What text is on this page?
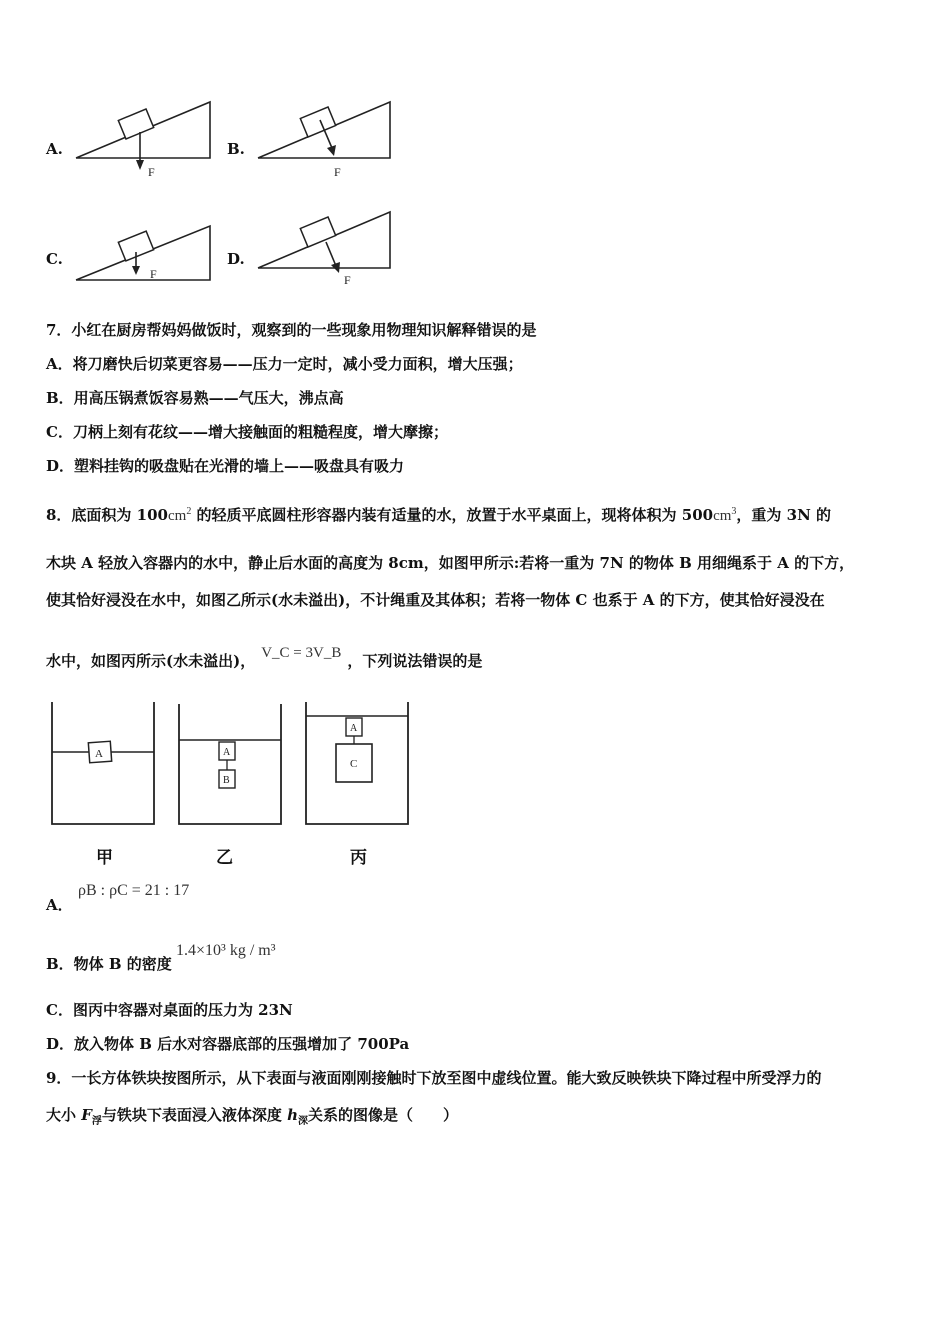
A.
F
B.
F
C.
F
D.
F
7．小红在厨房帮妈妈做饭时，观察到的一些现象用物理知识解释错误的是
A．将刀磨快后切菜更容易——压力一定时，减小受力面积，增大压强；
B．用高压锅煮饭容易熟——气压大，沸点高
C．刀柄上刻有花纹——增大接触面的粗糙程度，增大摩擦；
D．塑料挂钩的吸盘贴在光滑的墙上——吸盘具有吸力
8．底面积为 $100cm^2$ 的轻质平底圆柱形容器内装有适量的水，放置于水平桌面上，现将体积为 $500cm^3$，重为 3N 的
木块 A 轻放入容器内的水中，静止后水面的高度为 8cm，如图甲所示:若将一重为 7N 的物体 B 用细绳系于 A 的下方，
使其恰好浸没在水中，如图乙所示(水未溢出)，不计绳重及其体积；若将一物体 C 也系于 A 的下方，使其恰好浸没在
水中，如图丙所示(水未溢出)， V_C = 3V_B ，下列说法错误的是
A	A
B
A
C
甲	乙	丙
A．
ρB : ρC = 21 : 17
B．物体 B 的密度
1.4×10³ kg / m³
C．图丙中容器对桌面的压力为 23N
D．放入物体 B 后水对容器底部的压强增加了 700Pa
9．一长方体铁块按图所示，从下表面与液面刚刚接触时下放至图中虚线位置。能大致反映铁块下降过程中所受浮力的
大小 $F_浮$与铁块下表面浸入液体深度 $h_深$关系的图像是（　　）
